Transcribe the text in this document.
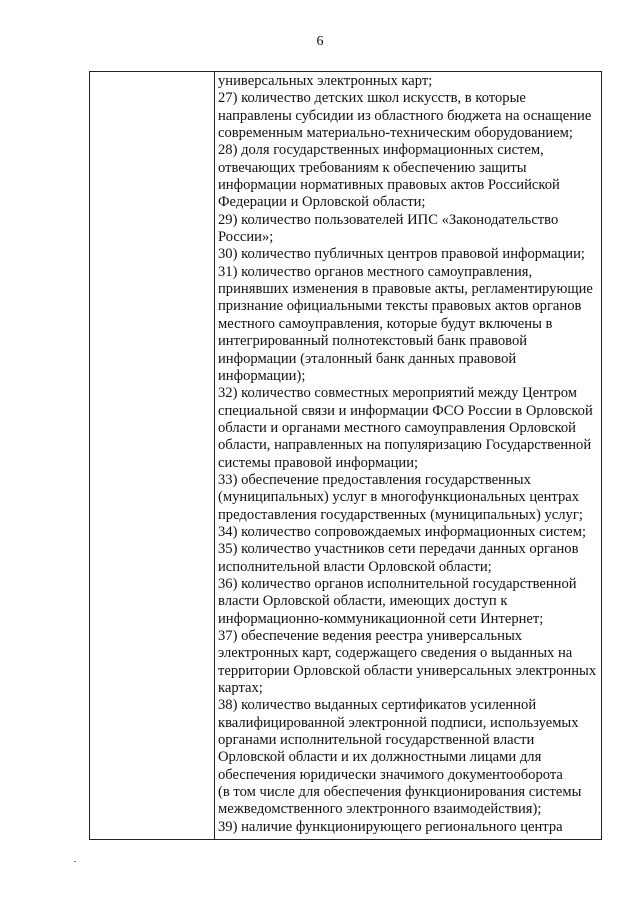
6
универсальных электронных карт;
27) количество детских школ искусств, в которые
направлены субсидии из областного бюджета на оснащение
современным материально-техническим оборудованием;
28) доля государственных информационных систем,
отвечающих требованиям к обеспечению защиты
информации нормативных правовых актов Российской
Федерации и Орловской области;
29) количество пользователей ИПС «Законодательство
России»;
30) количество публичных центров правовой информации;
31) количество органов местного самоуправления,
принявших изменения в правовые акты, регламентирующие
признание официальными тексты правовых актов органов
местного самоуправления, которые будут включены в
интегрированный полнотекстовый банк правовой
информации (эталонный банк данных правовой
информации);
32) количество совместных мероприятий между Центром
специальной связи и информации ФСО России в Орловской
области и органами местного самоуправления Орловской
области, направленных на популяризацию Государственной
системы правовой информации;
33) обеспечение предоставления государственных
(муниципальных) услуг в многофункциональных центрах
предоставления государственных (муниципальных) услуг;
34) количество сопровождаемых информационных систем;
35) количество участников сети передачи данных органов
исполнительной власти Орловской области;
36) количество органов исполнительной государственной
власти Орловской области, имеющих доступ к
информационно-коммуникационной сети Интернет;
37) обеспечение ведения реестра универсальных
электронных карт, содержащего сведения о выданных на
территории Орловской области универсальных электронных
картах;
38) количество выданных сертификатов усиленной
квалифицированной электронной подписи, используемых
органами исполнительной государственной власти
Орловской области и их должностными лицами для
обеспечения юридически значимого документооборота
(в том числе для обеспечения функционирования системы
межведомственного электронного взаимодействия);
39) наличие функционирующего регионального центра
